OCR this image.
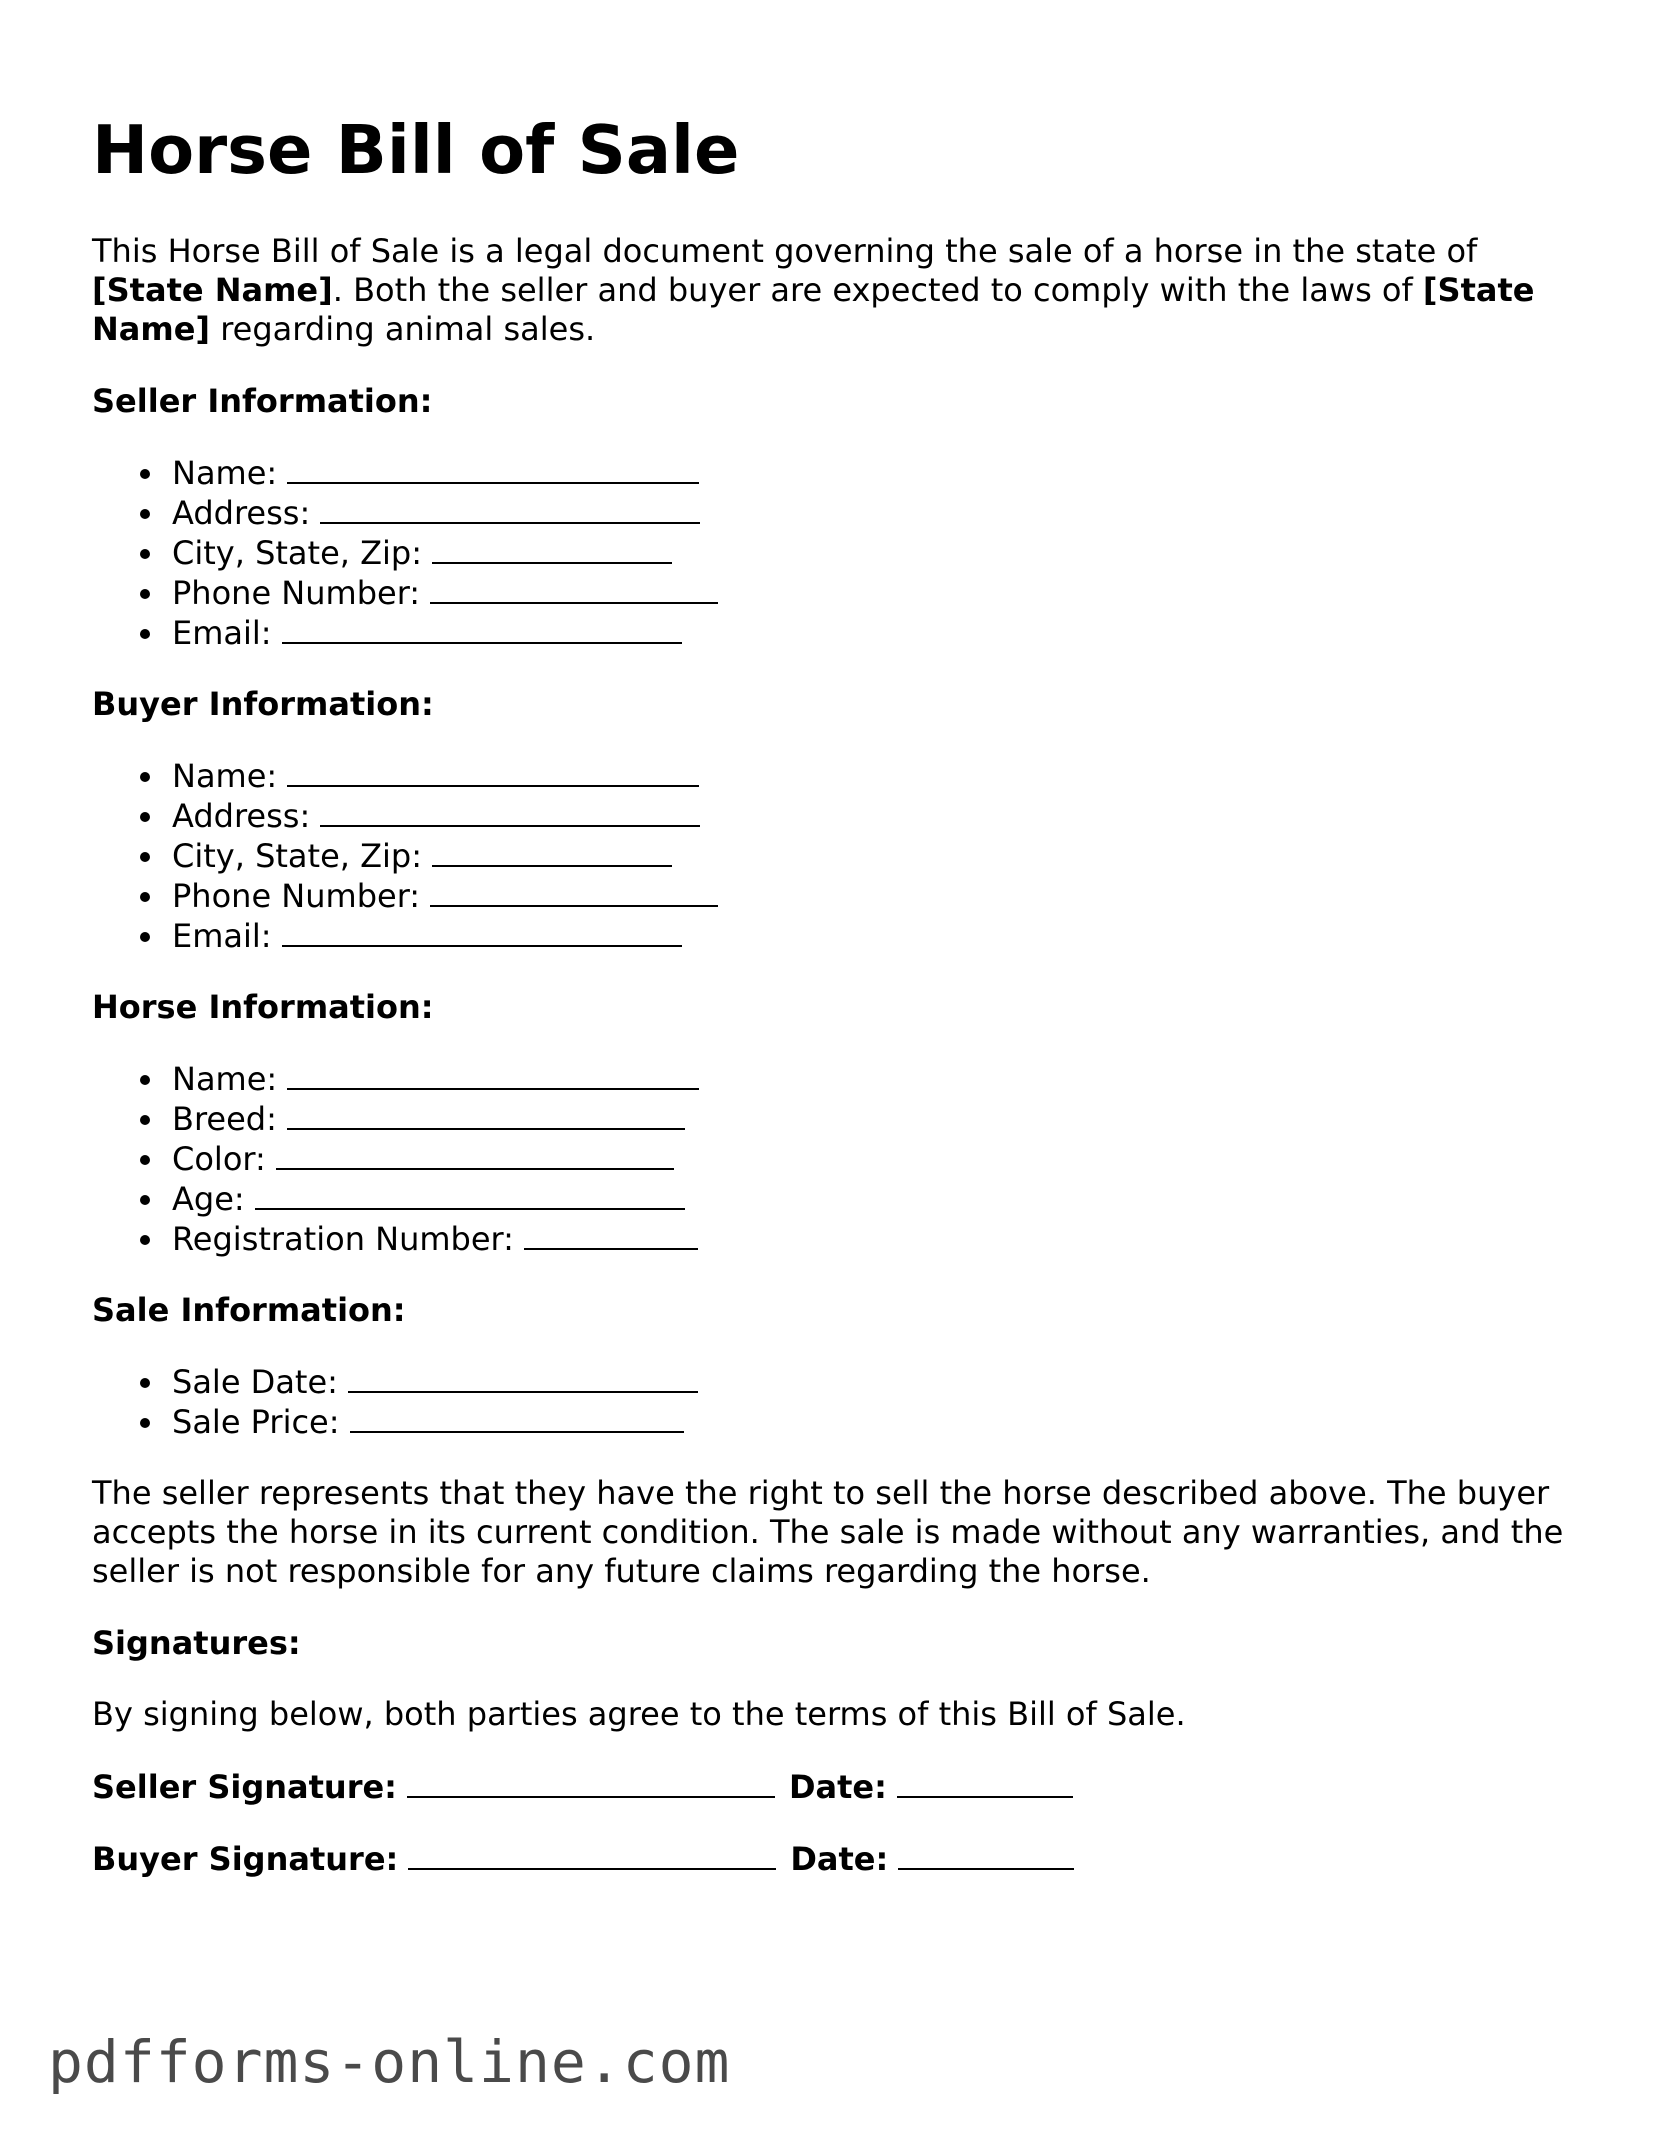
Horse Bill of Sale

This Horse Bill of Sale is a legal document governing the sale of a horse in the state of [State Name]. Both the seller and buyer are expected to comply with the laws of [State Name] regarding animal sales.

Seller Information:
Name:
Address:
City, State, Zip:
Phone Number:
Email:
Buyer Information:
Name:
Address:
City, State, Zip:
Phone Number:
Email:
Horse Information:
Name:
Breed:
Color:
Age:
Registration Number:
Sale Information:
Sale Date:
Sale Price:

The seller represents that they have the right to sell the horse described above. The buyer accepts the horse in its current condition. The sale is made without any warranties, and the seller is not responsible for any future claims regarding the horse.

Signatures:

By signing below, both parties agree to the terms of this Bill of Sale.

Seller Signature:	Date:
Buyer Signature:	Date:
pdfforms-online.com
